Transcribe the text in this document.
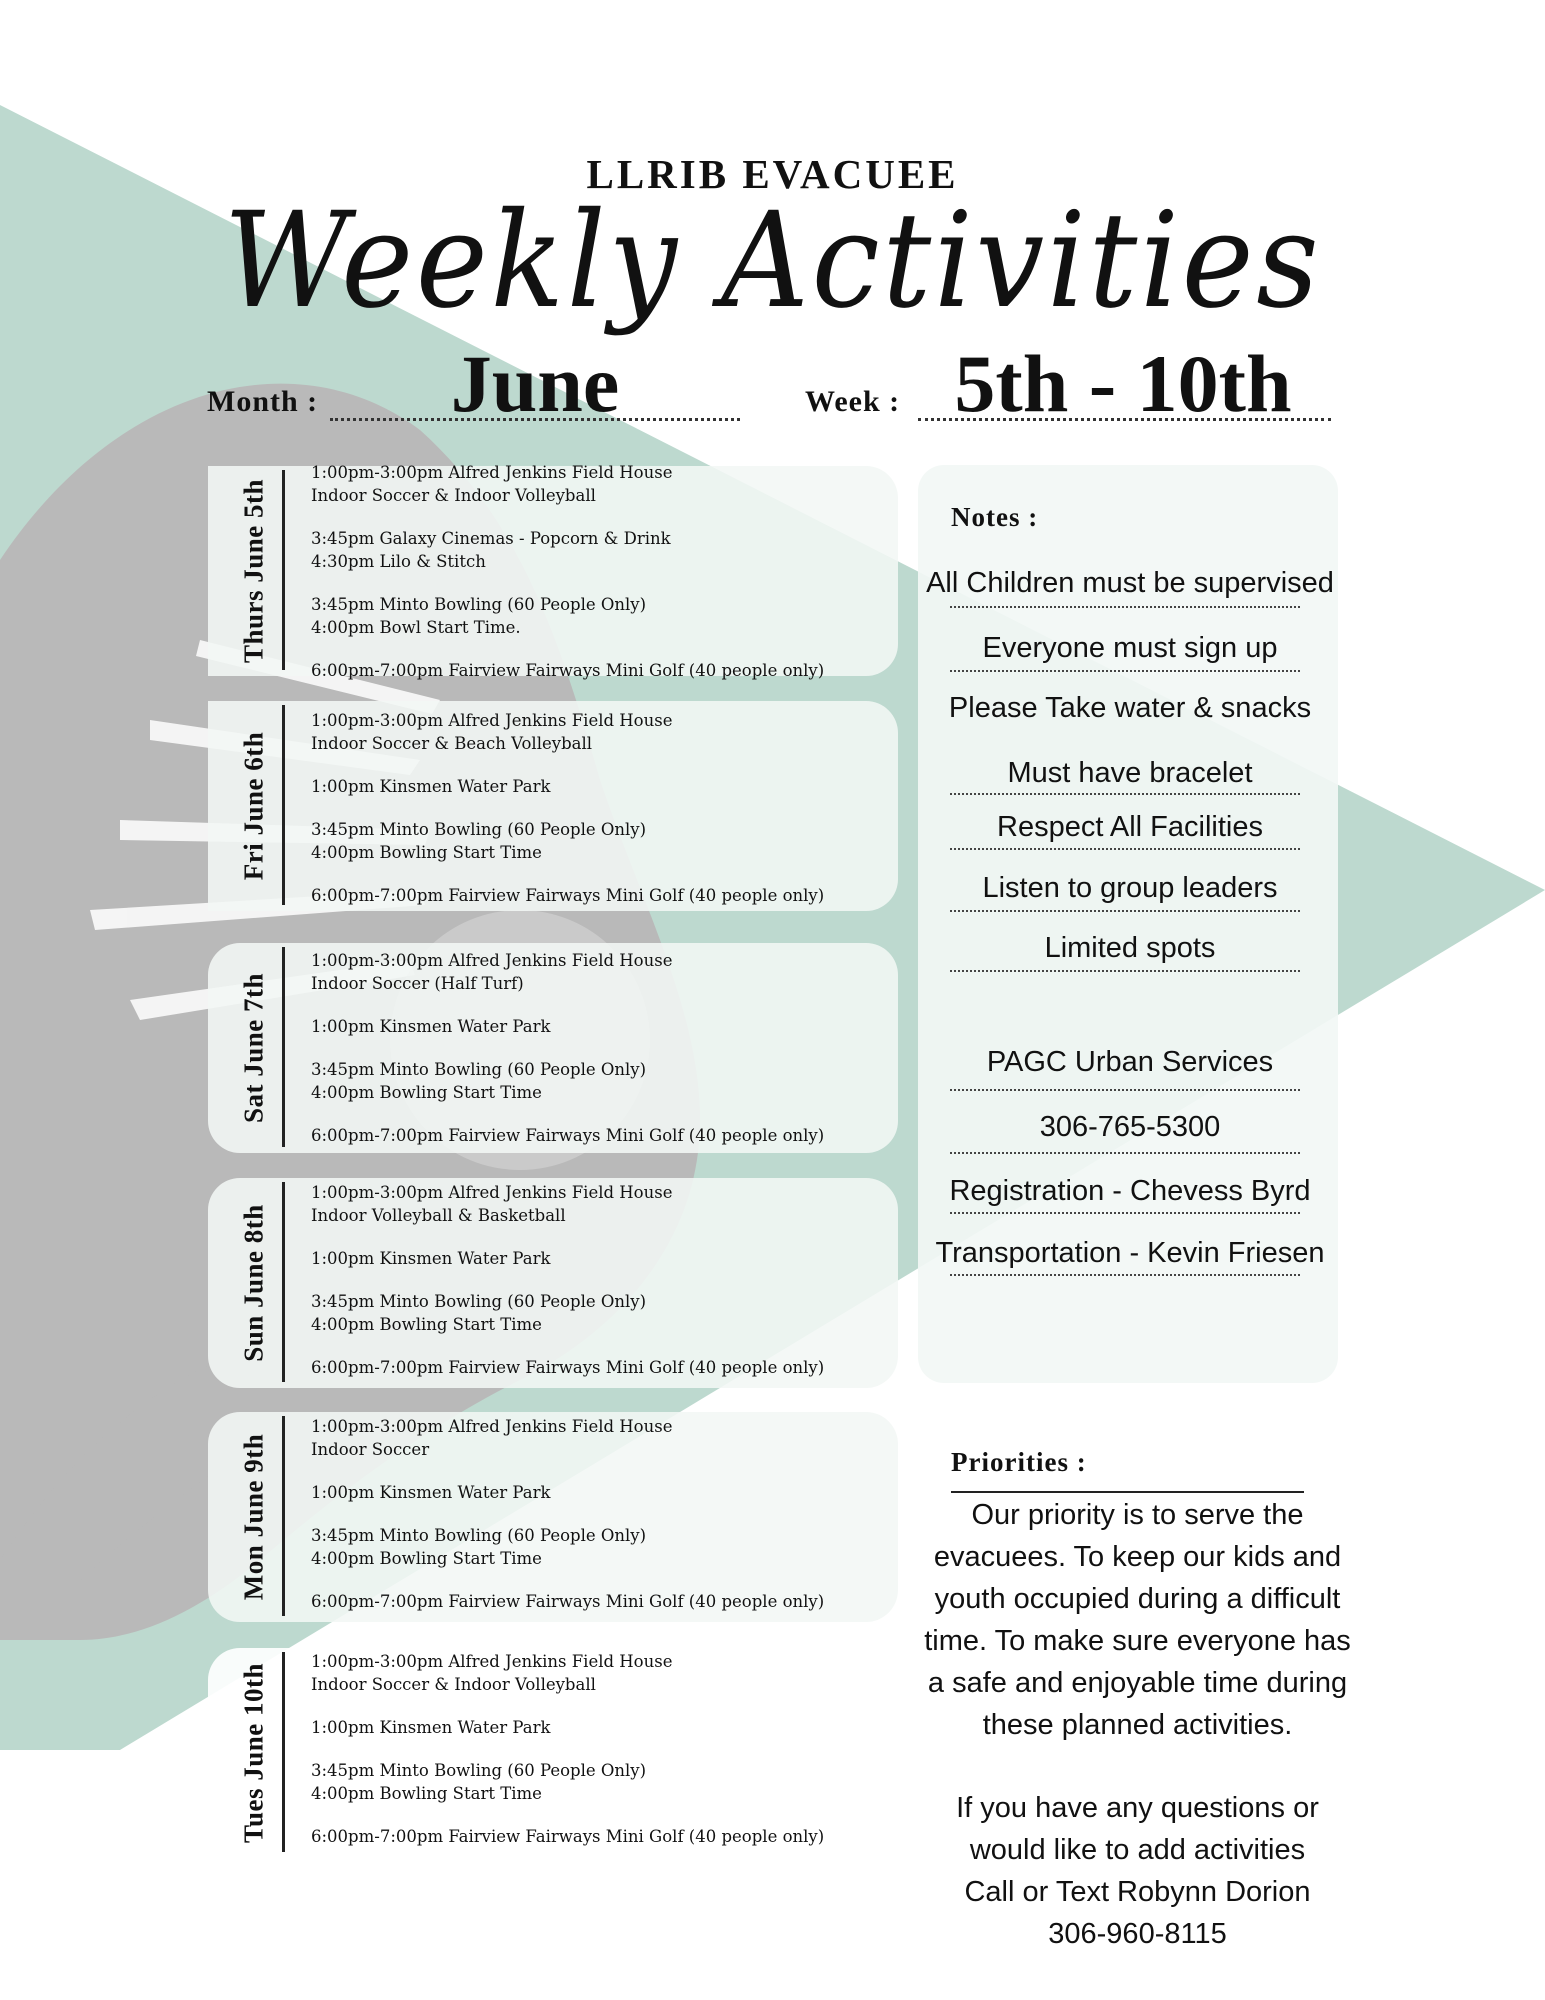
LLRIB EVACUEE
Weekly Activities
Month :	June	Week : 5th - 10th
Thurs June 5th
1:00pm-3:00pm Alfred Jenkins Field House
Indoor Soccer & Indoor Volleyball
3:45pm Galaxy Cinemas - Popcorn & Drink
4:30pm Lilo & Stitch
3:45pm Minto Bowling (60 People Only)
4:00pm Bowl Start Time.
6:00pm-7:00pm Fairview Fairways Mini Golf (40 people only)
Fri June 6th
1:00pm-3:00pm Alfred Jenkins Field House
Indoor Soccer & Beach Volleyball
1:00pm Kinsmen Water Park
3:45pm Minto Bowling (60 People Only)
4:00pm Bowling Start Time
6:00pm-7:00pm Fairview Fairways Mini Golf (40 people only)
Sat June 7th
1:00pm-3:00pm Alfred Jenkins Field House
Indoor Soccer (Half Turf)
1:00pm Kinsmen Water Park
3:45pm Minto Bowling (60 People Only)
4:00pm Bowling Start Time
6:00pm-7:00pm Fairview Fairways Mini Golf (40 people only)
Sun June 8th
1:00pm-3:00pm Alfred Jenkins Field House
Indoor Volleyball & Basketball
1:00pm Kinsmen Water Park
3:45pm Minto Bowling (60 People Only)
4:00pm Bowling Start Time
6:00pm-7:00pm Fairview Fairways Mini Golf (40 people only)
Mon June 9th
1:00pm-3:00pm Alfred Jenkins Field House
Indoor Soccer
1:00pm Kinsmen Water Park
3:45pm Minto Bowling (60 People Only)
4:00pm Bowling Start Time
6:00pm-7:00pm Fairview Fairways Mini Golf (40 people only)
Tues June 10th
1:00pm-3:00pm Alfred Jenkins Field House
Indoor Soccer & Indoor Volleyball
1:00pm Kinsmen Water Park
3:45pm Minto Bowling (60 People Only)
4:00pm Bowling Start Time
6:00pm-7:00pm Fairview Fairways Mini Golf (40 people only)
Notes :
All Children must be supervised
Everyone must sign up
Please Take water & snacks
Must have bracelet
Respect All Facilities
Listen to group leaders
Limited spots
PAGC Urban Services
306-765-5300
Registration - Chevess Byrd
Transportation - Kevin Friesen
Priorities :
Our priority is to serve the evacuees. To keep our kids and youth occupied during a difficult time. To make sure everyone has a safe and enjoyable time during these planned activities.
If you have any questions or would like to add activities Call or Text Robynn Dorion 306-960-8115
